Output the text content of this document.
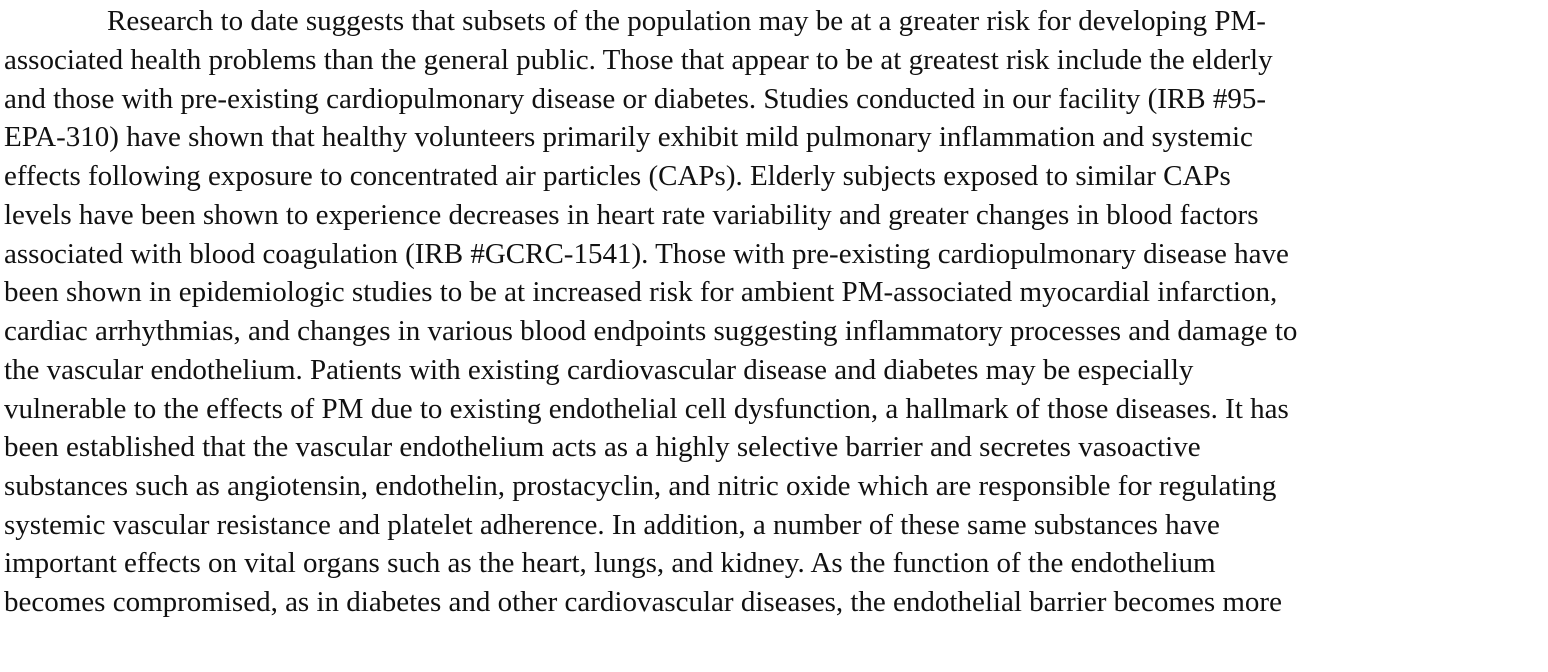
Research to date suggests that subsets of the population may be at a greater risk for developing PM-
associated health problems than the general public. Those that appear to be at greatest risk include the elderly
and those with pre-existing cardiopulmonary disease or diabetes. Studies conducted in our facility (IRB #95-
EPA-310) have shown that healthy volunteers primarily exhibit mild pulmonary inflammation and systemic
effects following exposure to concentrated air particles (CAPs). Elderly subjects exposed to similar CAPs
levels have been shown to experience decreases in heart rate variability and greater changes in blood factors
associated with blood coagulation (IRB #GCRC-1541). Those with pre-existing cardiopulmonary disease have
been shown in epidemiologic studies to be at increased risk for ambient PM-associated myocardial infarction,
cardiac arrhythmias, and changes in various blood endpoints suggesting inflammatory processes and damage to
the vascular endothelium. Patients with existing cardiovascular disease and diabetes may be especially
vulnerable to the effects of PM due to existing endothelial cell dysfunction, a hallmark of those diseases. It has
been established that the vascular endothelium acts as a highly selective barrier and secretes vasoactive
substances such as angiotensin, endothelin, prostacyclin, and nitric oxide which are responsible for regulating
systemic vascular resistance and platelet adherence. In addition, a number of these same substances have
important effects on vital organs such as the heart, lungs, and kidney. As the function of the endothelium
becomes compromised, as in diabetes and other cardiovascular diseases, the endothelial barrier becomes more
